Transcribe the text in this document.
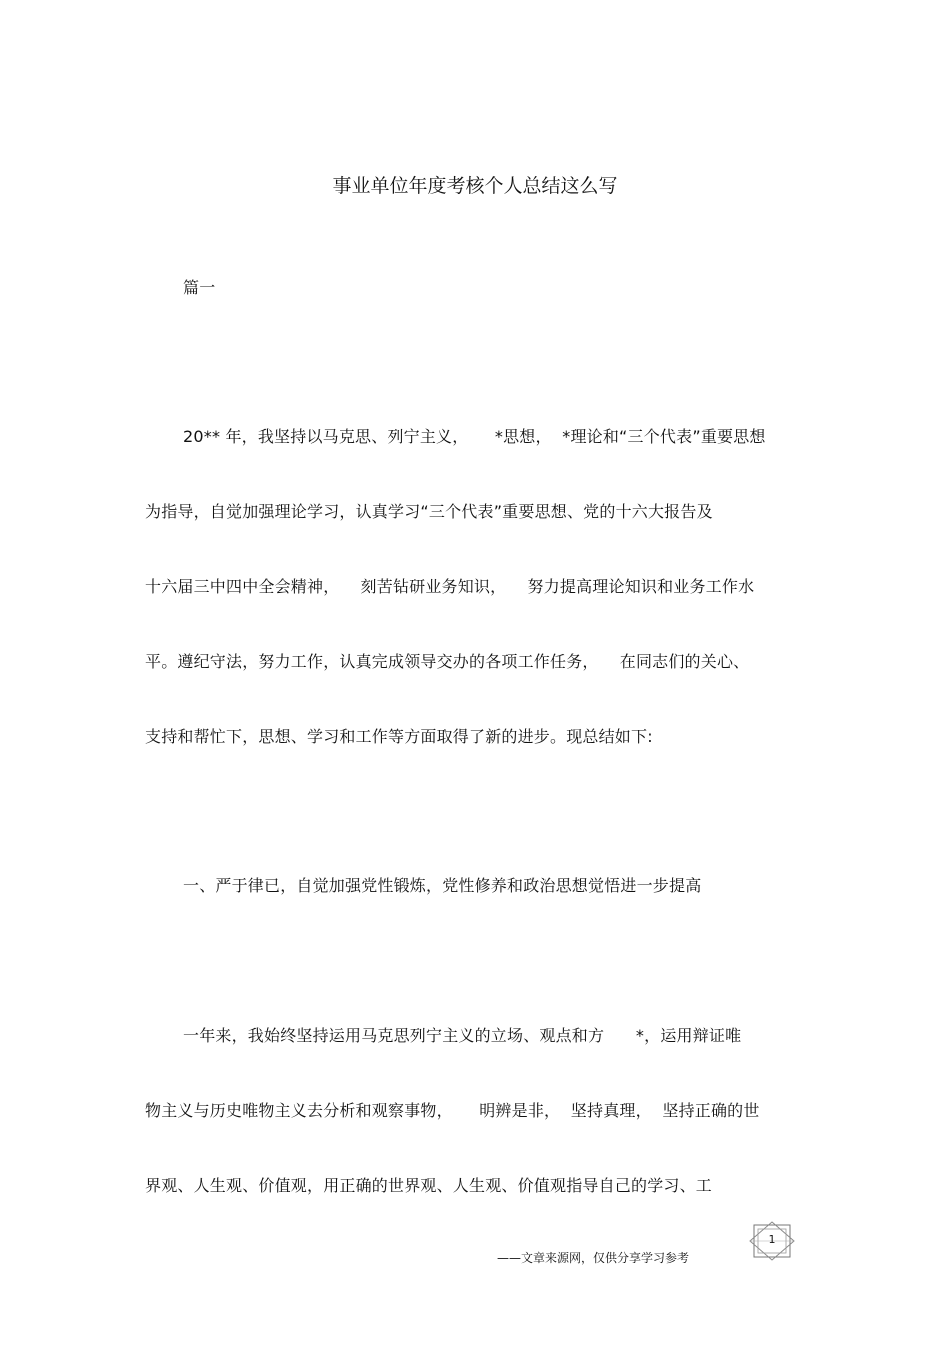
事业单位年度考核个人总结这么写
篇一
20** 年，我坚持以马克思、列宁主义，     *思想，  *理论和“三个代表”重要思想
为指导，自觉加强理论学习，认真学习“三个代表”重要思想、党的十六大报告及
十六届三中四中全会精神，    刻苦钻研业务知识，    努力提高理论知识和业务工作水
平。遵纪守法，努力工作，认真完成领导交办的各项工作任务，    在同志们的关心、
支持和帮忙下，思想、学习和工作等方面取得了新的进步。现总结如下:
一、严于律已，自觉加强党性锻炼，党性修养和政治思想觉悟进一步提高
一年来，我始终坚持运用马克思列宁主义的立场、观点和方      *，运用辩证唯
物主义与历史唯物主义去分析和观察事物，     明辨是非，  坚持真理，  坚持正确的世
界观、人生观、价值观，用正确的世界观、人生观、价值观指导自己的学习、工
1
——文章来源网，仅供分享学习参考
